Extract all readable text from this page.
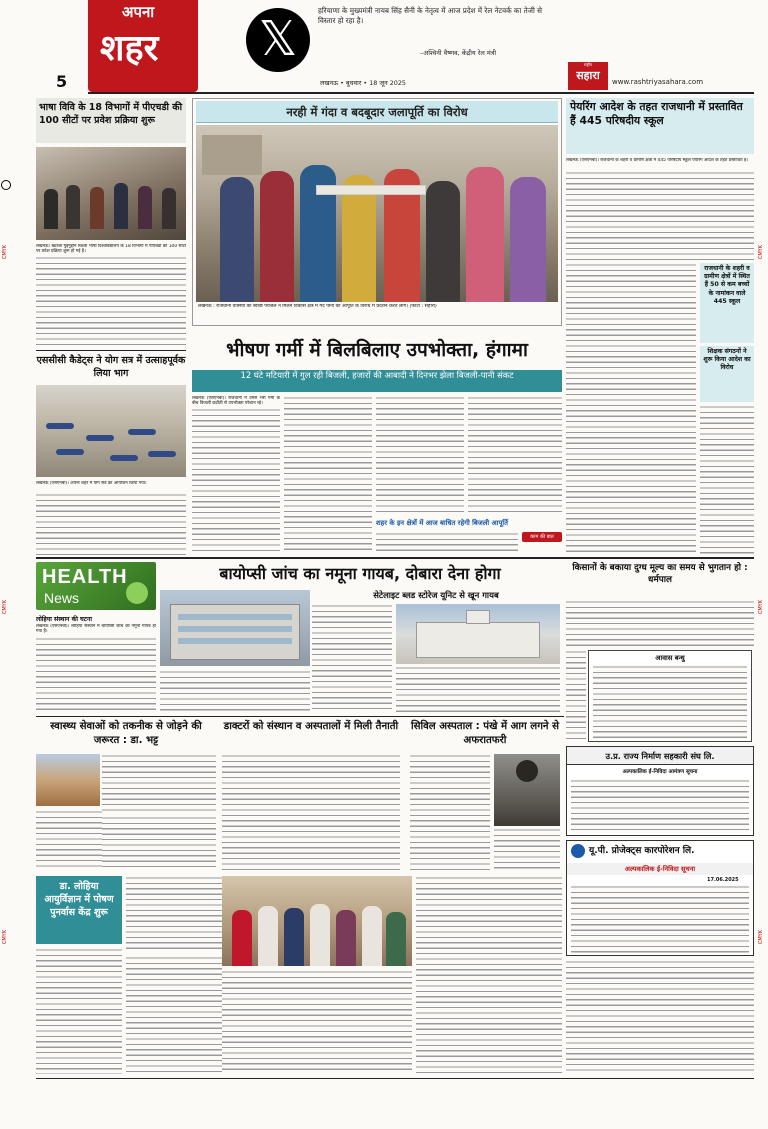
CMYK
CMYK
CMYK
CMYK
CMYK
CMYK
अपना
शहर
5
𝕏
हरियाणा के मुख्यमंत्री नायब सिंह सैनी के नेतृत्व में आज प्रदेश में रेल नेटवर्क का तेजी से विस्तार हो रहा है।
–अश्विनी वैष्णव, केंद्रीय रेल मंत्री
लखनऊ • बुधवार • 18 जून 2025
राष्ट्रीय
सहारा	www.rashtriyasahara.com
भाषा विवि के 18 विभागों में पीएचडी की 100 सीटों पर प्रवेश प्रक्रिया शुरू
लखनऊ। ख्वाजा मुईनुद्दीन चिश्ती भाषा विश्वविद्यालय के 18 विभागों में पीएचडी की 100 सीटों पर प्रवेश प्रक्रिया शुरू हो गई है।
एससीसी कैडेट्स ने योग सत्र में उत्साहपूर्वक लिया भाग
लखनऊ (एसएनबी)। अपना शहर में योग सत्र का आयोजन किया गया।
नरही में गंदा व बदबूदार जलापूर्ति का विरोध
लखनऊ : राजधानी वासियों को स्वच्छ पेयजल न मिलने विकास क्षेत्र में गंदे पानी की आपूर्ति के विरोध में प्रदर्शन करते लोग। (फोटो : सहारा)
भीषण गर्मी में बिलबिलाए उपभोक्ता, हंगामा
12 घंटे मटियारी में गुल रही बिजली, हजारों की आबादी ने दिनभर झेला बिजली-पानी संकट
लखनऊ (एसएनबी)। राजधानी में उमस भरी गर्मी के बीच बिजली कटौती से उपभोक्ता परेशान रहे।
शहर के इन क्षेत्रों में आज बाधित रहेगी बिजली आपूर्ति
काम की बात
पेयरिंग आदेश के तहत राजधानी में प्रस्तावित हैं 445 परिषदीय स्कूल
लखनऊ (एसएनबी)। राजधानी के शहरी व ग्रामीण क्षेत्रों में 445 परिषदीय स्कूल पेयरिंग आदेश के तहत प्रस्तावित हैं।
राजधानी के शहरी व ग्रामीण क्षेत्रों में स्थित हैं 50 से कम बच्चों के नामांकन वाले 445 स्कूल
शिक्षक संगठनों ने शुरू किया आदेश का विरोध
HEALTH
News
लोहिया संस्थान की घटना
बायोप्सी जांच का नमूना गायब, दोबारा देना होगा
सेटेलाइट ब्लड स्टोरेज यूनिट से खून गायब
लखनऊ (एसएनबी)। लोहिया संस्थान में बायोप्सी जांच का नमूना गायब हो गया है।
किसानों के बकाया दुग्ध मूल्य का समय से भुगतान हो : धर्मपाल
आवास बन्धु
स्वास्थ्य सेवाओं को तकनीक से जोड़ने की जरूरत : डा. भट्ट
डाक्टरों को संस्थान व अस्पतालों में मिली तैनाती सिविल अस्पताल : पंखे में आग लगने से अफरातफरी
उ.प्र. राज्य निर्माण सहकारी संघ लि.
अल्पकालिक ई-निविदा आमंत्रण सूचना
यू.पी. प्रोजेक्ट्स कारपोरेशन लि.
अल्पकालिक ई-निविदा सूचना
17.06.2025
डा. लोहिया आयुर्विज्ञान में पोषण पुनर्वास केंद्र शुरू
